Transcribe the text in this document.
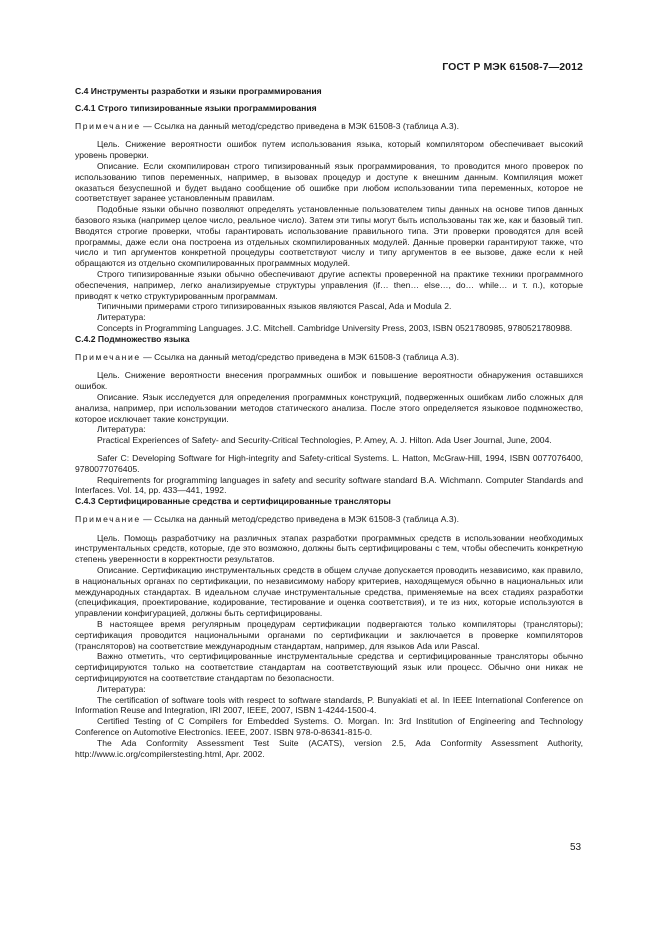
ГОСТ Р МЭК 61508-7—2012
C.4 Инструменты разработки и языки программирования
C.4.1 Строго типизированные языки программирования

Примечание — Ссылка на данный метод/средство приведена в МЭК 61508-3 (таблица А.3).

Цель. Снижение вероятности ошибок путем использования языка, который компилятором обеспечивает высокий уровень проверки.

Описание. Если скомпилирован строго типизированный язык программирования, то проводится много проверок по использованию типов переменных, например, в вызовах процедур и доступе к внешним данным. Компиляция может оказаться безуспешной и будет выдано сообщение об ошибке при любом использовании типа переменных, которое не соответствует заранее установленным правилам.

Подобные языки обычно позволяют определять установленные пользователем типы данных на основе типов данных базового языка (например целое число, реальное число). Затем эти типы могут быть использованы так же, как и базовый тип. Вводятся строгие проверки, чтобы гарантировать использование правильного типа. Эти проверки проводятся для всей программы, даже если она построена из отдельных скомпилированных модулей. Данные проверки гарантируют также, что число и тип аргументов конкретной процедуры соответствуют числу и типу аргументов в ее вызове, даже если к ней обращаются из отдельно скомпилированных программных модулей.

Строго типизированные языки обычно обеспечивают другие аспекты проверенной на практике техники программного обеспечения, например, легко анализируемые структуры управления (if… then… else…, do… while… и т. п.), которые приводят к четко структурированным программам.

Типичными примерами строго типизированных языков являются Pascal, Ada и Modula 2.

Литература:

Concepts in Programming Languages. J.C. Mitchell. Cambridge University Press, 2003, ISBN 0521780985, 9780521780988.

C.4.2 Подмножество языка

Примечание — Ссылка на данный метод/средство приведена в МЭК 61508-3 (таблица А.3).

Цель. Снижение вероятности внесения программных ошибок и повышение вероятности обнаружения оставшихся ошибок.

Описание. Язык исследуется для определения программных конструкций, подверженных ошибкам либо сложных для анализа, например, при использовании методов статического анализа. После этого определяется языковое подмножество, которое исключает такие конструкции.

Литература:

Practical Experiences of Safety- and Security-Critical Technologies, P. Amey, A. J. Hilton. Ada User Journal, June, 2004.

Safer C: Developing Software for High-integrity and Safety-critical Systems. L. Hatton, McGraw-Hill, 1994, ISBN 0077076400, 9780077076405.

Requirements for programming languages in safety and security software standard B.A. Wichmann. Computer Standards and Interfaces. Vol. 14, pp. 433—441, 1992.

C.4.3 Сертифицированные средства и сертифицированные трансляторы

Примечание — Ссылка на данный метод/средство приведена в МЭК 61508-3 (таблица А.3).

Цель. Помощь разработчику на различных этапах разработки программных средств в использовании необходимых инструментальных средств, которые, где это возможно, должны быть сертифицированы с тем, чтобы обеспечить конкретную степень уверенности в корректности результатов.

Описание. Сертификацию инструментальных средств в общем случае допускается проводить независимо, как правило, в национальных органах по сертификации, по независимому набору критериев, находящемуся обычно в национальных или международных стандартах. В идеальном случае инструментальные средства, применяемые на всех стадиях разработки (спецификация, проектирование, кодирование, тестирование и оценка соответствия), и те из них, которые используются в управлении конфигурацией, должны быть сертифицированы.

В настоящее время регулярным процедурам сертификации подвергаются только компиляторы (трансляторы); сертификация проводится национальными органами по сертификации и заключается в проверке компиляторов (трансляторов) на соответствие международным стандартам, например, для языков Ada или Pascal.

Важно отметить, что сертифицированные инструментальные средства и сертифицированные трансляторы обычно сертифицируются только на соответствие стандартам на соответствующий язык или процесс. Обычно они никак не сертифицируются на соответствие стандартам по безопасности.

Литература:

The certification of software tools with respect to software standards, P. Bunyakiati et al. In IEEE International Conference on Information Reuse and Integration, IRI 2007, IEEE, 2007, ISBN 1-4244-1500-4.

Certified Testing of C Compilers for Embedded Systems. O. Morgan. In: 3rd Institution of Engineering and Technology Conference on Automotive Electronics. IEEE, 2007. ISBN 978-0-86341-815-0.

The Ada Conformity Assessment Test Suite (ACATS), version 2.5, Ada Conformity Assessment Authority, http://www.ic.org/compilerstesting.html, Apr. 2002.

53
